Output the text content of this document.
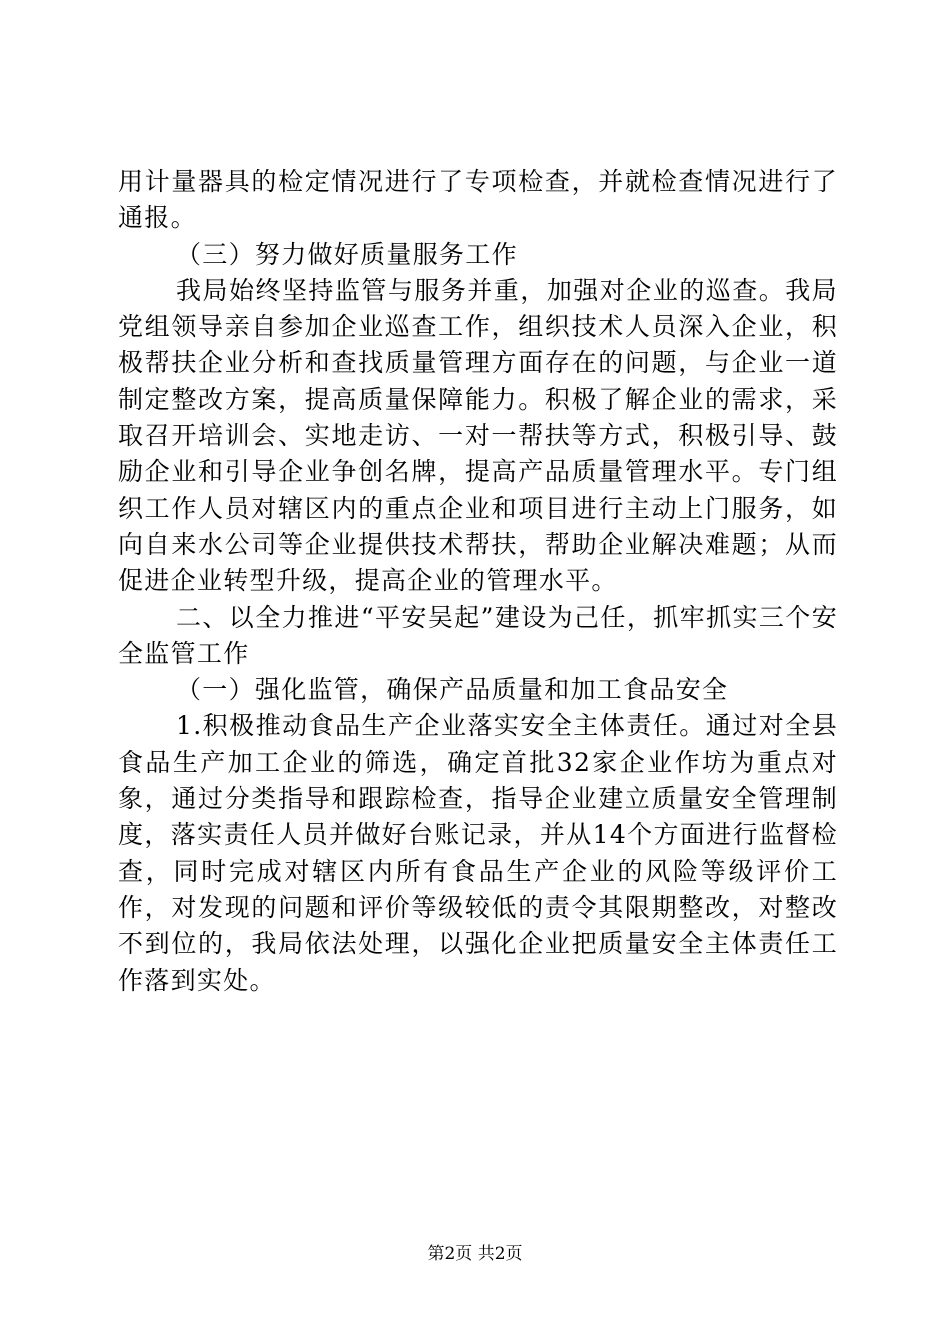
用计量器具的检定情况进行了专项检查，并就检查情况进行了通报。

（三）努力做好质量服务工作

我局始终坚持监管与服务并重，加强对企业的巡查。我局党组领导亲自参加企业巡查工作，组织技术人员深入企业，积极帮扶企业分析和查找质量管理方面存在的问题，与企业一道制定整改方案，提高质量保障能力。积极了解企业的需求，采取召开培训会、实地走访、一对一帮扶等方式，积极引导、鼓励企业和引导企业争创名牌，提高产品质量管理水平。专门组织工作人员对辖区内的重点企业和项目进行主动上门服务，如向自来水公司等企业提供技术帮扶，帮助企业解决难题；从而促进企业转型升级，提高企业的管理水平。

二、以全力推进“平安吴起”建设为己任，抓牢抓实三个安全监管工作

（一）强化监管，确保产品质量和加工食品安全

1.积极推动食品生产企业落实安全主体责任。通过对全县食品生产加工企业的筛选，确定首批32家企业作坊为重点对象，通过分类指导和跟踪检查，指导企业建立质量安全管理制度，落实责任人员并做好台账记录，并从14个方面进行监督检查，同时完成对辖区内所有食品生产企业的风险等级评价工作，对发现的问题和评价等级较低的责令其限期整改，对整改不到位的，我局依法处理，以强化企业把质量安全主体责任工作落到实处。

第2页 共2页
